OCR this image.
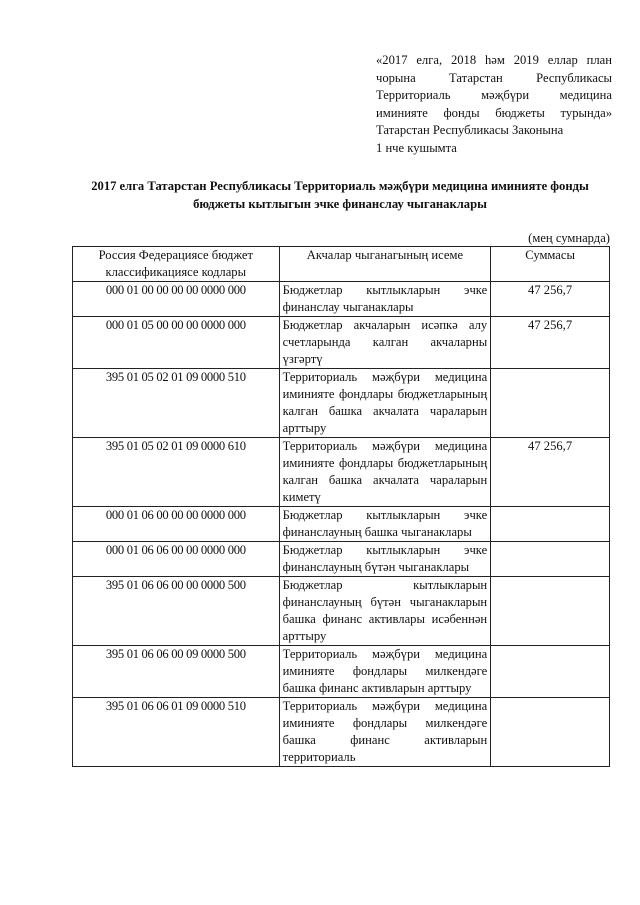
«2017 елга, 2018 һәм 2019 еллар план
чорына Татарстан Республикасы
Территориаль мәҗбүри медицина
иминияте фонды бюджеты турында»
Татарстан Республикасы Законына
1 нче кушымта
2017 елга Татарстан Республикасы Территориаль мәҗбүри медицина иминияте фонды бюджеты кытлыгын эчке финанслау чыганаклары
(мең сумнарда)
Россия Федерациясе бюджет классификациясе кодлары	Акчалар чыганагының исеме	Суммасы
000 01 00 00 00 00 0000 000	Бюджетлар кытлыкларын эчке финанслау чыганаклары	47 256,7
000 01 05 00 00 00 0000 000	Бюджетлар акчаларын исәпкә алу счетларында калган акчаларны үзгәртү	47 256,7
395 01 05 02 01 09 0000 510	Территориаль мәҗбүри медицина иминияте фондлары бюджетларының калган башка акчалата чараларын арттыру	
395 01 05 02 01 09 0000 610	Территориаль мәҗбүри медицина иминияте фондлары бюджетларының калган башка акчалата чараларын киметү	47 256,7
000 01 06 00 00 00 0000 000	Бюджетлар кытлыкларын эчке финанслауның башка чыганаклары	
000 01 06 06 00 00 0000 000	Бюджетлар кытлыкларын эчке финанслауның бүтән чыганаклары	
395 01 06 06 00 00 0000 500	Бюджетлар кытлыкларын финанслауның бүтән чыганакларын башка финанс активлары исәбеннән арттыру	
395 01 06 06 00 09 0000 500	Территориаль мәҗбүри медицина иминияте фондлары милкендәге башка финанс активларын арттыру	
395 01 06 06 01 09 0000 510	Территориаль мәҗбүри медицина иминияте фондлары милкендәге башка финанс активларын территориаль	
